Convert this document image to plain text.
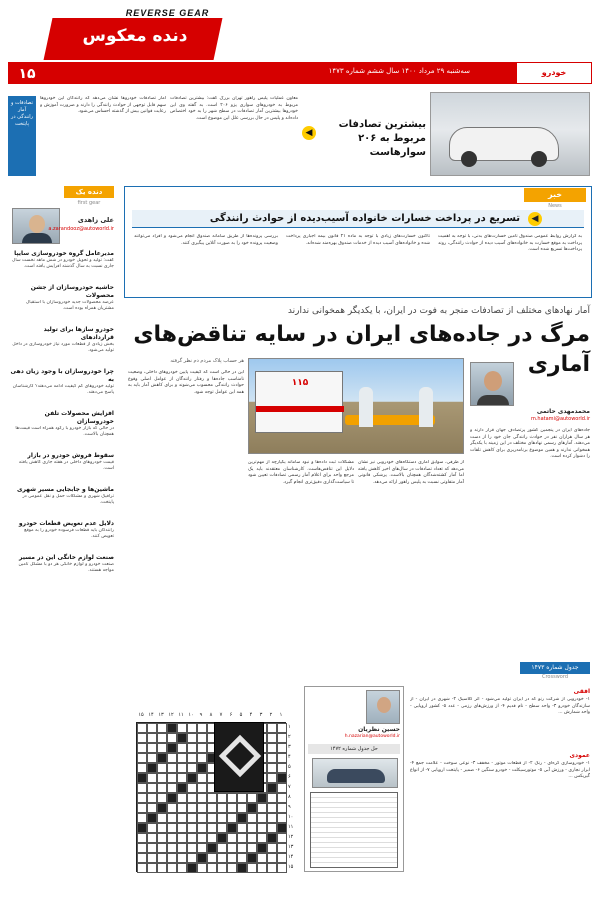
دنده معکوس
REVERSE GEAR
۱۵	سه‌شنبه ۲۹ مرداد ۱۴۰۰ سال ششم شماره ۱۴۷۳	خودرو
بیشترین تصادفات مربوط به ۲۰۶ سوارهاست
◀
معاون عملیات پلیس راهور تهران بزرگ گفت: بیشترین تصادفات مربوط به خودروهای سواری پژو ۲۰۶ است. به گفته وی این خودروها بیشترین آمار تصادفات در سطح شهر را به خود اختصاص داده‌اند و پلیس در حال بررسی علل این موضوع است.
آمار تصادفات خودروها نشان می‌دهد که رانندگان این خودروها سهم قابل توجهی از حوادث رانندگی را دارند و ضرورت آموزش و رعایت قوانین بیش از گذشته احساس می‌شود.
تصادفات و آمار رانندگی در پایتخت
دنده یک
first gear
علی زاهدی
a.zarandooz@autoworld.ir
مدیرعامل گروه خودروسازی سایپا
گفت: تولید و تحویل خودرو در شش ماهه نخست سال جاری نسبت به سال گذشته افزایش یافته است.
حاشیه خودروسازان از جشن محصولات
عرضه محصولات جدید خودروسازان با استقبال مشتریان همراه بوده است.
خودرو سازها برای تولید قراردادهای
بخش زیادی از قطعات مورد نیاز خودروسازی در داخل تولید می‌شود.
چرا خودروسازان با وجود زیان دهی به
تولید خودروهای کم کیفیت ادامه می‌دهند؟ کارشناسان پاسخ می‌دهند.
افزایش محصولات تلفن خودروسازان
در حالی که بازار خودرو با رکود همراه است قیمت‌ها همچنان بالاست.
سقوط فروش خودرو در بازار
قیمت خودروهای داخلی در هفته جاری کاهش یافته است.
ماشین‌ها و جابجایی مسیر شهری
ترافیک شهری و مشکلات حمل و نقل عمومی در پایتخت.
دلایل عدم تعویض قطعات خودرو
رانندگان باید قطعات فرسوده خودرو را به موقع تعویض کنند.
صنعت لوازم خانگی این در مسیر
صنعت خودرو و لوازم خانگی هر دو با مشکل تامین مواجه هستند.
خبر
News
◀
تسریع در پرداخت خسارات خانواده آسیب‌دیده از حوادث رانندگی
به گزارش روابط عمومی صندوق تامین خسارت‌های بدنی، با توجه به اهمیت پرداخت به موقع خسارت به خانواده‌های آسیب دیده از حوادث رانندگی، روند پرداخت‌ها تسریع شده است.
تاکنون خسارت‌های زیادی با توجه به ماده ۲۱ قانون بیمه اجباری پرداخت شده و خانواده‌های آسیب دیده از خدمات صندوق بهره‌مند شده‌اند.
بررسی پرونده‌ها از طریق سامانه صندوق انجام می‌شود و افراد می‌توانند وضعیت پرونده خود را به صورت آنلاین پیگیری کنند.
آمار نهادهای مختلف از تصادفات منجر به فوت در ایران، با یکدیگر همخوانی ندارند
مرگ در جاده‌های ایران در سایه تناقض‌های آماری
۱۱۵
محمدمهدی حاتمی
m.hatami@autoworld.ir
هر حساب پلاک مردم‌ دم نظر گرفته
جاده‌های ایران در پنجمین کشور پرتصادف جهان قرار دارند و هر سال هزاران نفر در حوادث رانندگی جان خود را از دست می‌دهند. آمارهای رسمی نهادهای مختلف در این زمینه با یکدیگر همخوانی ندارند و همین موضوع برنامه‌ریزی برای کاهش تلفات را دشوار کرده است.
از طرفی، سوابق آماری دستگاه‌های خودرویی نیز نشان می‌دهد که تعداد تصادفات در سال‌های اخیر کاهش یافته اما آمار کشته‌شدگان همچنان بالاست. پزشکی قانونی آمار متفاوتی نسبت به پلیس راهور ارائه می‌دهد.
مشکلات ثبت داده‌ها و نبود سامانه یکپارچه از مهم‌ترین دلایل این تناقض‌هاست. کارشناسان معتقدند باید یک مرجع واحد برای اعلام آمار رسمی تصادفات تعیین شود تا سیاست‌گذاری دقیق‌تری انجام گیرد.
این در حالی است که کیفیت پایین خودروهای داخلی، وضعیت نامناسب جاده‌ها و رفتار رانندگان از عوامل اصلی وقوع حوادث رانندگی محسوب می‌شوند و برای کاهش آمار باید به همه این عوامل توجه شود.
جدول شماره ۱۴۷۳
Crossword
۱
۲
۳
۴
۵
۶
۷
۸
۹
۱۰
۱۱
۱۲
۱۳
۱۴
۱۵
۱
۲
۳
۴
۵
۶
۷
۸
۹
۱۰
۱۱
۱۲
۱۳
۱۴
۱۵
حسین نظریان
h.nazarian@autoworld.ir
حل جدول شماره ۱۴۷۲
افقی
۱- خودرویی از شرکت رنو که در ایران تولید می‌شود - اثر کلاسیک ۲- شهری در ایران - از سازندگان خودرو ۳- واحد سطح - نام قدیم ۴- از ورزش‌های رزمی - عدد ۵- کشور اروپایی - واحد شمارش ...
عمودی
۱- خودروسازی کره‌ای - رنگ ۲- از قطعات موتور - مخفف ۳- نوعی سوخت - علامت جمع ۴- ابزار نجاری - ورزش آبی ۵- موتورسیکلت - خودرو سنگین ۶- ضمیر - پایتخت اروپایی ۷- از انواع گیربکس ...
